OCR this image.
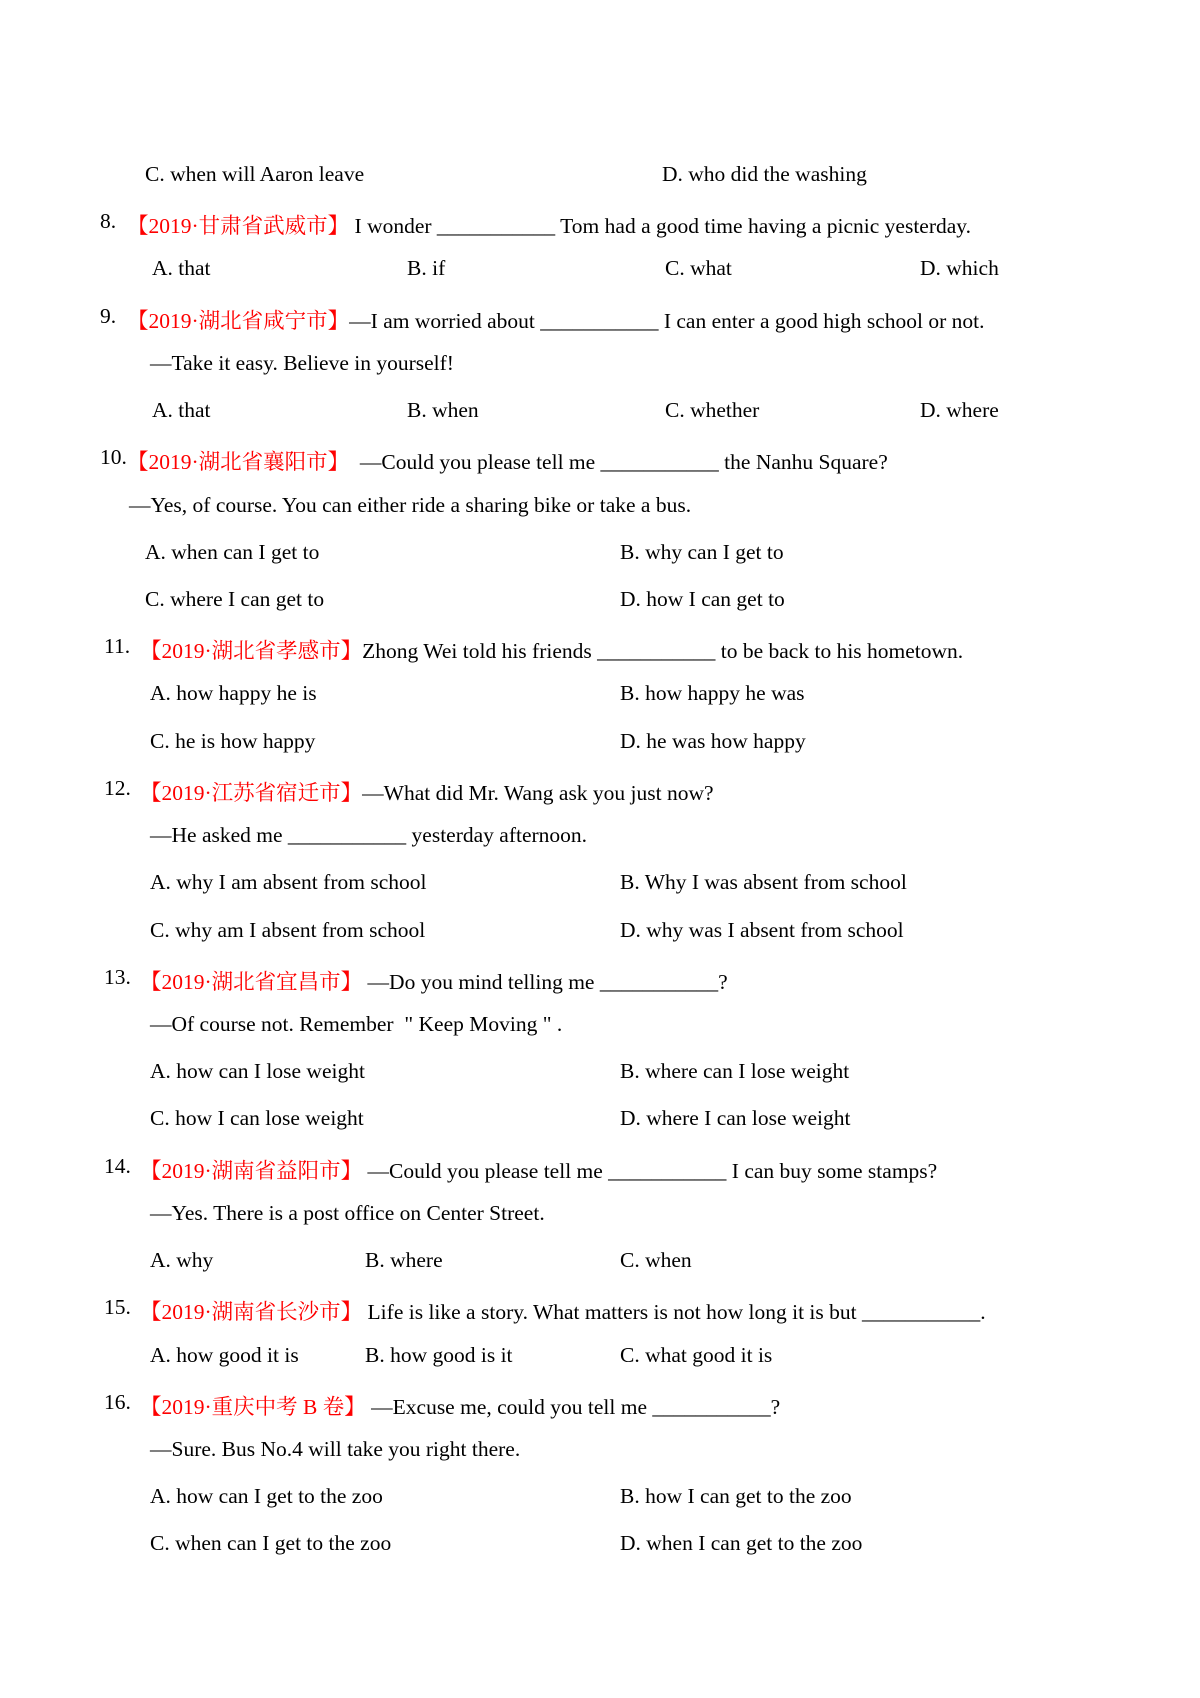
C. when will Aaron leave	D. who did the washing
8. 【2019·甘肃省武威市】 I wonder ___________ Tom had a good time having a picnic yesterday.
A. that	B. if	C. what	D. which
9. 【2019·湖北省咸宁市】—I am worried about ___________ I can enter a good high school or not.
—Take it easy. Believe in yourself!
A. that	B. when	C. whether	D. where
10. 【2019·湖北省襄阳市】  —Could you please tell me ___________ the Nanhu Square?
—Yes, of course. You can either ride a sharing bike or take a bus.
A. when can I get to	B. why can I get to
C. where I can get to	D. how I can get to
11. 【2019·湖北省孝感市】Zhong Wei told his friends ___________ to be back to his hometown.
A. how happy he is	B. how happy he was
C. he is how happy	D. he was how happy
12. 【2019·江苏省宿迁市】—What did Mr. Wang ask you just now?
—He asked me ___________ yesterday afternoon.
A. why I am absent from school	B. Why I was absent from school
C. why am I absent from school	D. why was I absent from school
13. 【2019·湖北省宜昌市】 —Do you mind telling me ___________?
—Of course not. Remember  " Keep Moving " .
A. how can I lose weight	B. where can I lose weight
C. how I can lose weight	D. where I can lose weight
14. 【2019·湖南省益阳市】 —Could you please tell me ___________ I can buy some stamps?
—Yes. There is a post office on Center Street.
A. why	B. where	C. when
15. 【2019·湖南省长沙市】 Life is like a story. What matters is not how long it is but ___________.
A. how good it is	B. how good is it	C. what good it is
16. 【2019·重庆中考 B 卷】 —Excuse me, could you tell me ___________?
—Sure. Bus No.4 will take you right there.
A. how can I get to the zoo	B. how I can get to the zoo
C. when can I get to the zoo	D. when I can get to the zoo
